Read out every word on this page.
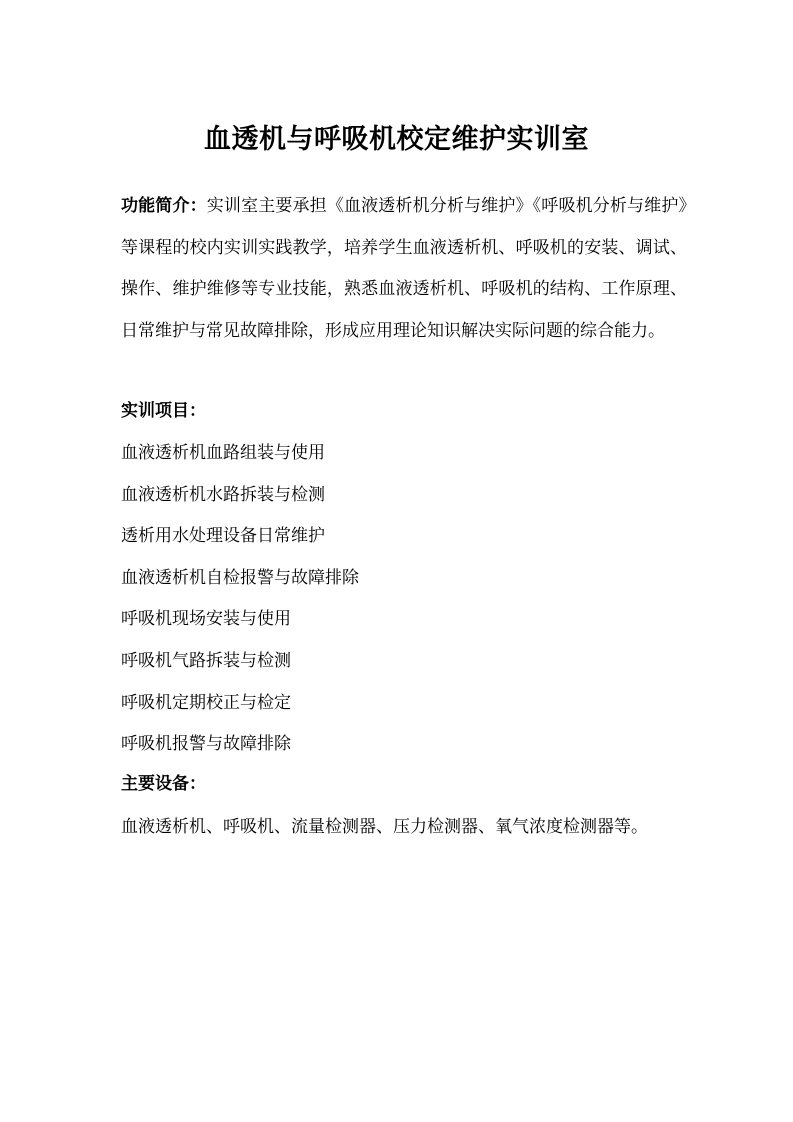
血透机与呼吸机校定维护实训室
功能简介：实训室主要承担《血液透析机分析与维护》《呼吸机分析与维护》等课程的校内实训实践教学，培养学生血液透析机、呼吸机的安装、调试、操作、维护维修等专业技能，熟悉血液透析机、呼吸机的结构、工作原理、日常维护与常见故障排除，形成应用理论知识解决实际问题的综合能力。
实训项目：
血液透析机血路组装与使用
血液透析机水路拆装与检测
透析用水处理设备日常维护
血液透析机自检报警与故障排除
呼吸机现场安装与使用
呼吸机气路拆装与检测
呼吸机定期校正与检定
呼吸机报警与故障排除
主要设备：
血液透析机、呼吸机、流量检测器、压力检测器、氧气浓度检测器等。
